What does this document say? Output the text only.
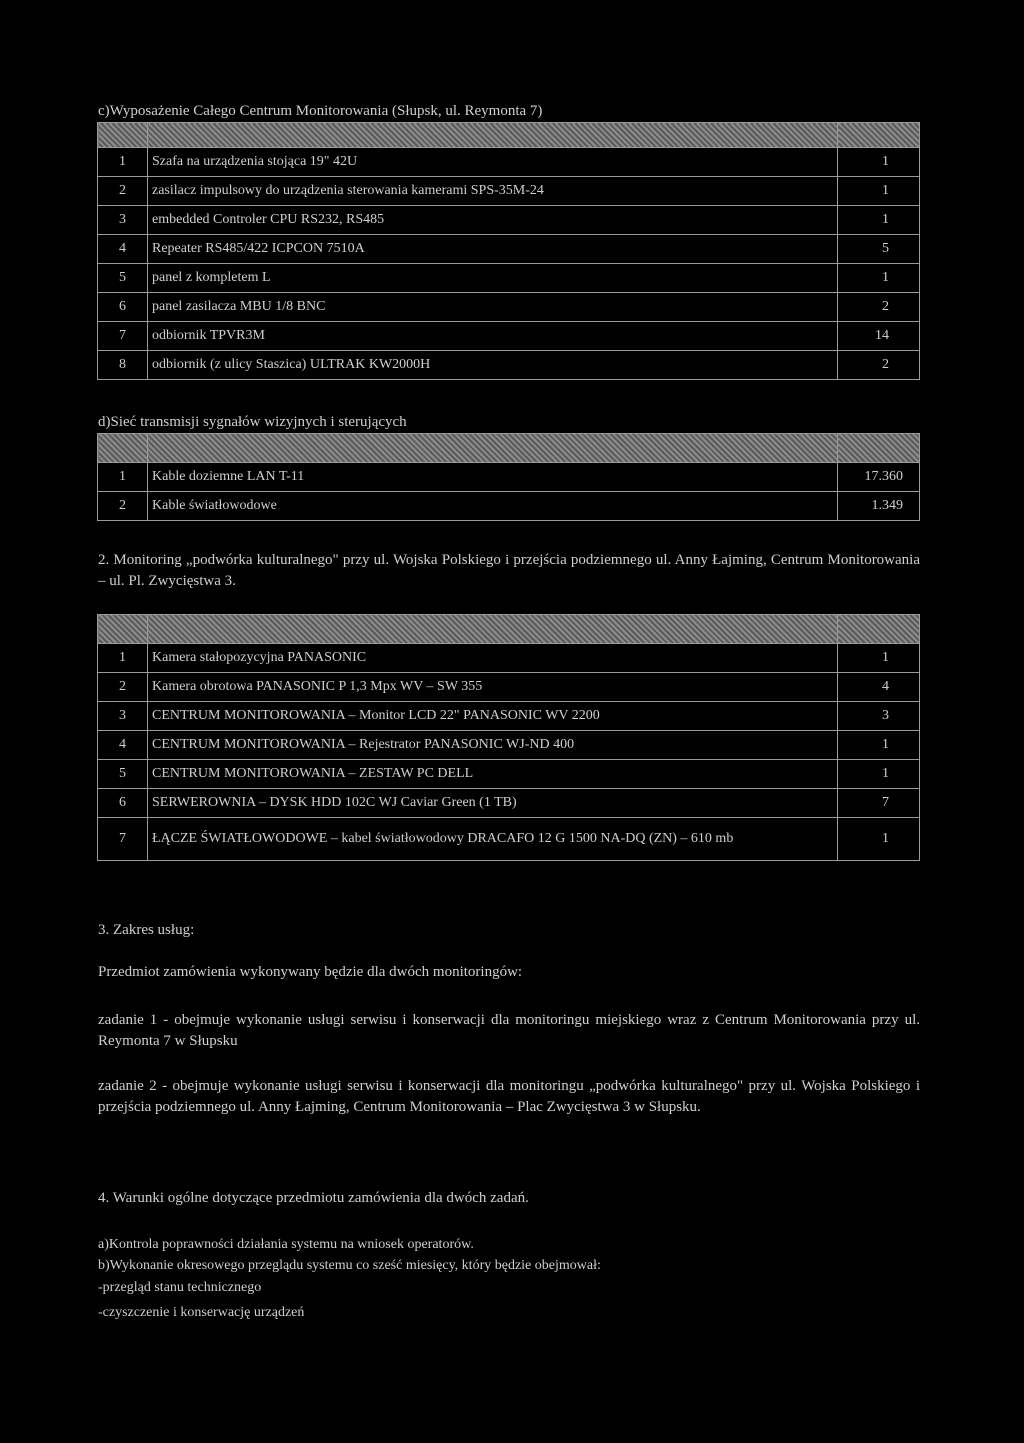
c)Wyposażenie Całego Centrum Monitorowania (Słupsk, ul. Reymonta 7)

1	Szafa na urządzenia stojąca 19" 42U	1
2	zasilacz impulsowy do urządzenia sterowania kamerami SPS-35M-24	1
3	embedded Controler CPU RS232, RS485	1
4	Repeater RS485/422 ICPCON 7510A	5
5	panel z kompletem L	1
6	panel zasilacza MBU 1/8 BNC	2
7	odbiornik TPVR3M	14
8	odbiornik (z ulicy Staszica) ULTRAK KW2000H	2
d)Sieć transmisji sygnałów wizyjnych i sterujących

1	Kable doziemne LAN T-11	17.360
2	Kable światłowodowe	1.349
2. Monitoring „podwórka kulturalnego" przy ul. Wojska Polskiego i przejścia podziemnego ul. Anny Łajming, Centrum Monitorowania – ul. Pl. Zwycięstwa 3.

1	Kamera stałopozycyjna PANASONIC	1
2	Kamera obrotowa PANASONIC P 1,3 Mpx WV – SW 355	4
3	CENTRUM MONITOROWANIA – Monitor LCD 22" PANASONIC WV 2200	3
4	CENTRUM MONITOROWANIA – Rejestrator PANASONIC WJ-ND 400	1
5	CENTRUM MONITOROWANIA – ZESTAW PC DELL	1
6	SERWEROWNIA – DYSK HDD 102C WJ Caviar Green (1 TB)	7
7	ŁĄCZE ŚWIATŁOWODOWE – kabel światłowodowy DRACAFO 12 G 1500 NA-DQ (ZN) – 610 mb	1
3. Zakres usług:
Przedmiot zamówienia wykonywany będzie dla dwóch monitoringów:
zadanie 1 - obejmuje wykonanie usługi serwisu i konserwacji dla monitoringu miejskiego wraz z Centrum Monitorowania przy ul. Reymonta 7 w Słupsku
zadanie 2 - obejmuje wykonanie usługi serwisu i konserwacji dla monitoringu „podwórka kulturalnego" przy ul. Wojska Polskiego i przejścia podziemnego ul. Anny Łajming, Centrum Monitorowania – Plac Zwycięstwa 3 w Słupsku.
4. Warunki ogólne dotyczące przedmiotu zamówienia dla dwóch zadań.
a)Kontrola poprawności działania systemu na wniosek operatorów.
b)Wykonanie okresowego przeglądu systemu co sześć miesięcy, który będzie obejmował:
-przegląd stanu technicznego
-czyszczenie i konserwację urządzeń
